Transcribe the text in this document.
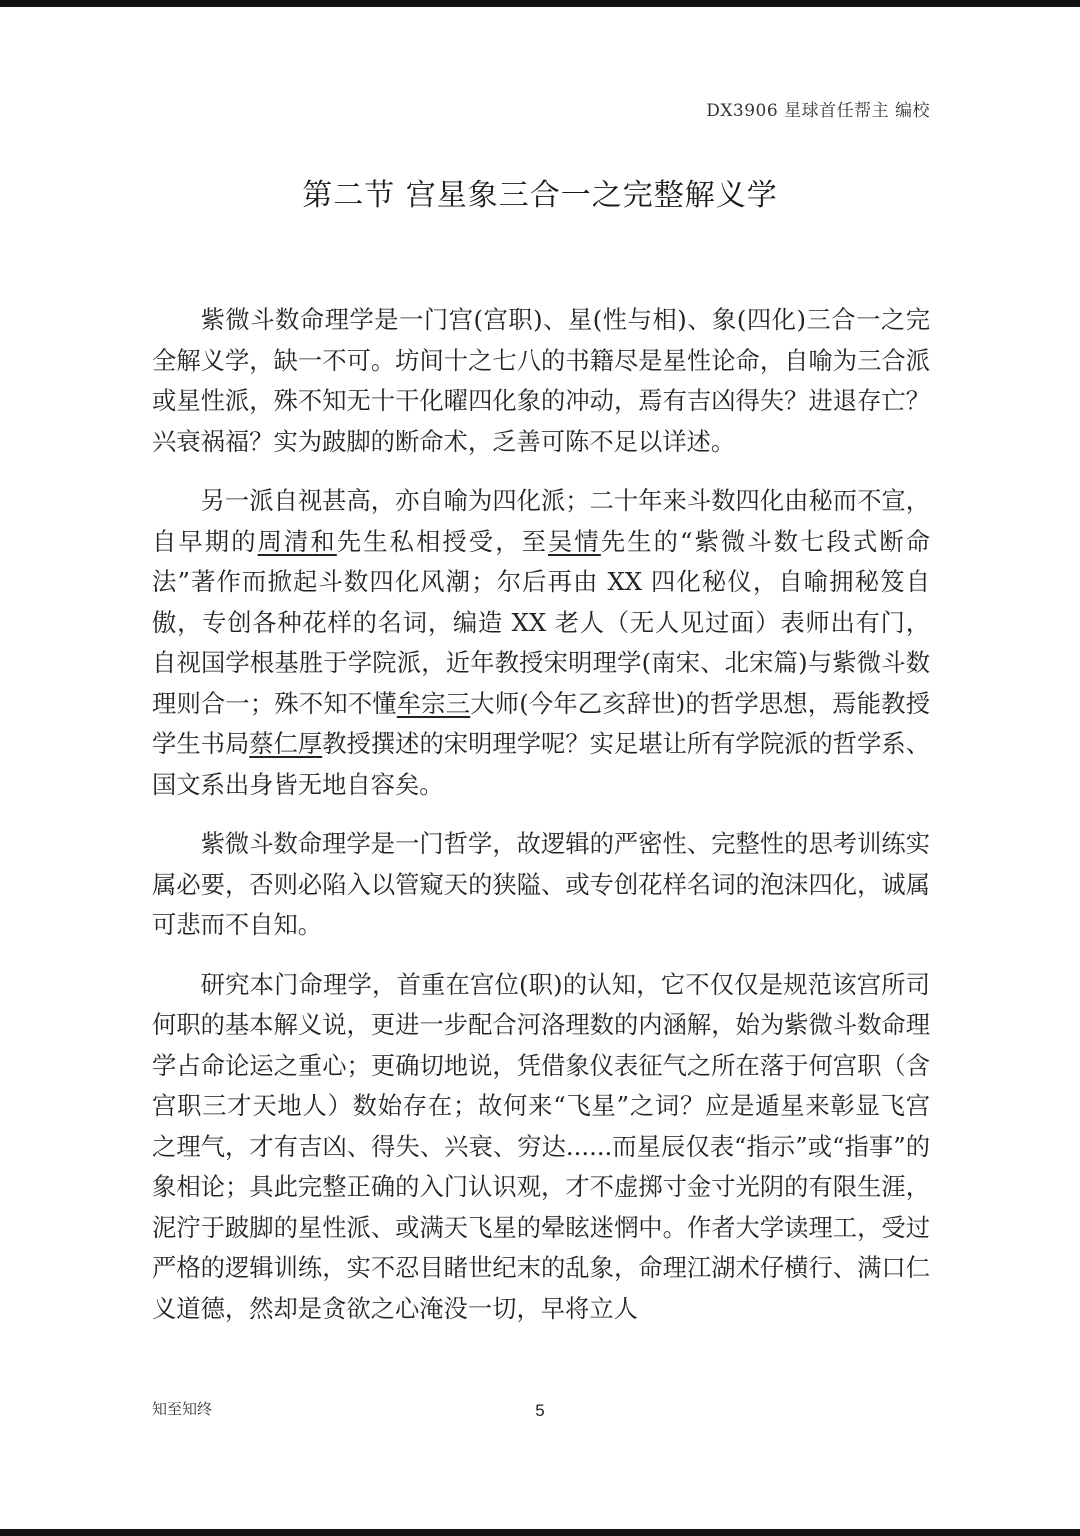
DX3906 星球首任帮主 编校
第二节 宫星象三合一之完整解义学

紫微斗数命理学是一门宫(宫职)、星(性与相)、象(四化)三合一之完全解义学，缺一不可。坊间十之七八的书籍尽是星性论命，自喻为三合派或星性派，殊不知无十干化曜四化象的冲动，焉有吉凶得失？进退存亡？兴衰祸福？实为跛脚的断命术，乏善可陈不足以详述。

另一派自视甚高，亦自喻为四化派；二十年来斗数四化由秘而不宣，自早期的周清和先生私相授受，至吴情先生的“紫微斗数七段式断命法”著作而掀起斗数四化风潮；尔后再由 XX 四化秘仪，自喻拥秘笈自傲，专创各种花样的名词，编造 XX 老人（无人见过面）表师出有门，自视国学根基胜于学院派，近年教授宋明理学(南宋、北宋篇)与紫微斗数理则合一；殊不知不懂牟宗三大师(今年乙亥辞世)的哲学思想，焉能教授学生书局蔡仁厚教授撰述的宋明理学呢？实足堪让所有学院派的哲学系、国文系出身皆无地自容矣。

紫微斗数命理学是一门哲学，故逻辑的严密性、完整性的思考训练实属必要，否则必陷入以管窥天的狭隘、或专创花样名词的泡沫四化，诚属可悲而不自知。

研究本门命理学，首重在宫位(职)的认知，它不仅仅是规范该宫所司何职的基本解义说，更进一步配合河洛理数的内涵解，始为紫微斗数命理学占命论运之重心；更确切地说，凭借象仪表征气之所在落于何宫职（含宫职三才天地人）数始存在；故何来“飞星”之词？应是遁星来彰显飞宫之理气，才有吉凶、得失、兴衰、穷达......而星辰仅表“指示”或“指事”的象相论；具此完整正确的入门认识观，才不虚掷寸金寸光阴的有限生涯，泥泞于跛脚的星性派、或满天飞星的晕眩迷惘中。作者大学读理工，受过严格的逻辑训练，实不忍目睹世纪末的乱象，命理江湖术仔横行、满口仁义道德，然却是贪欲之心淹没一切，早将立人

知至知终	5
